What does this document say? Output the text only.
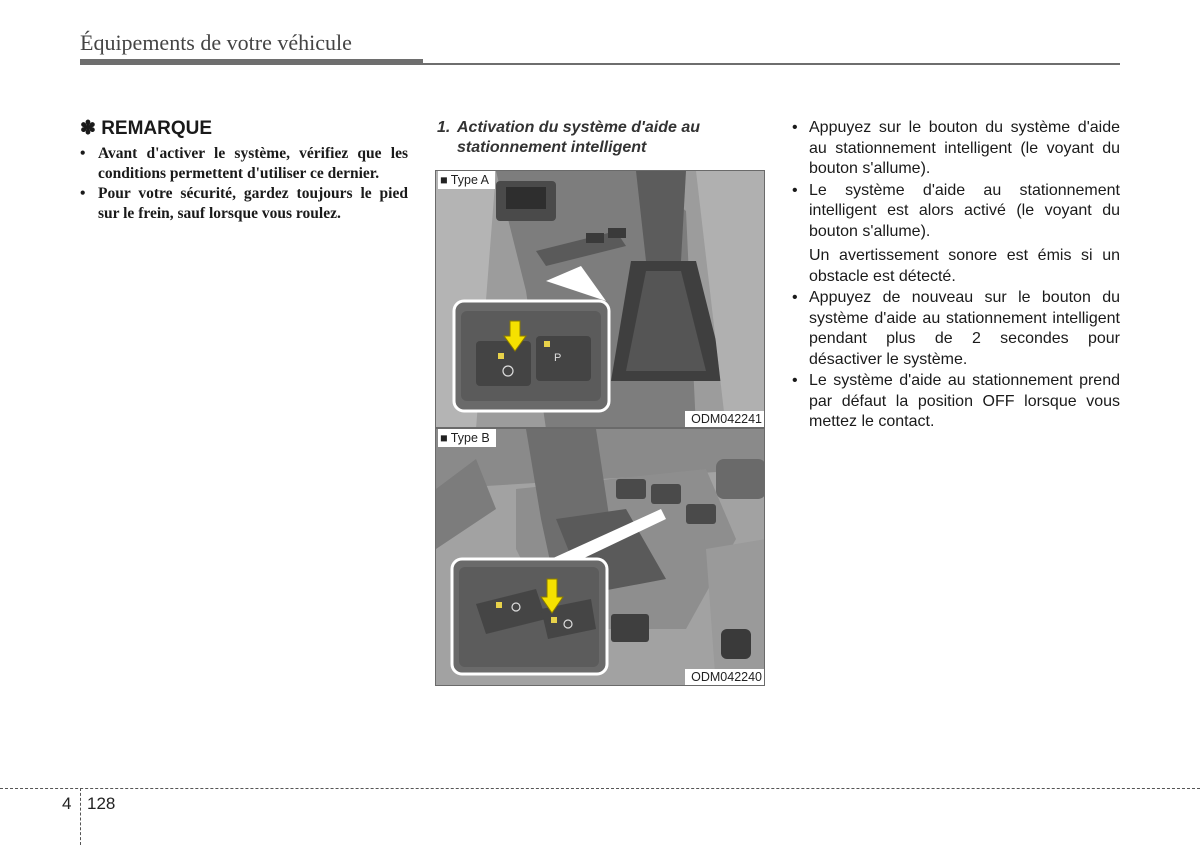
Équipements de votre véhicule
✽ REMARQUE
• Avant d'activer le système, vérifiez que les conditions permettent d'utiliser ce dernier.
• Pour votre sécurité, gardez toujours le pied sur le frein, sauf lorsque vous roulez.
1. Activation du système d'aide au
stationnement intelligent
P
■ Type A
ODM042241
■ Type B
ODM042240
• Appuyez sur le bouton du système d'aide au stationnement intelligent (le voyant du bouton s'allume).
• Le système d'aide au stationnement intelligent est alors activé (le voyant du bouton s'allume).
Un avertissement sonore est émis si un obstacle est détecté.
• Appuyez de nouveau sur le bouton du système d'aide au stationnement intelligent pendant plus de 2 secondes pour désactiver le système.
• Le système d'aide au stationnement prend par défaut la position OFF lorsque vous mettez le contact.
4 128
